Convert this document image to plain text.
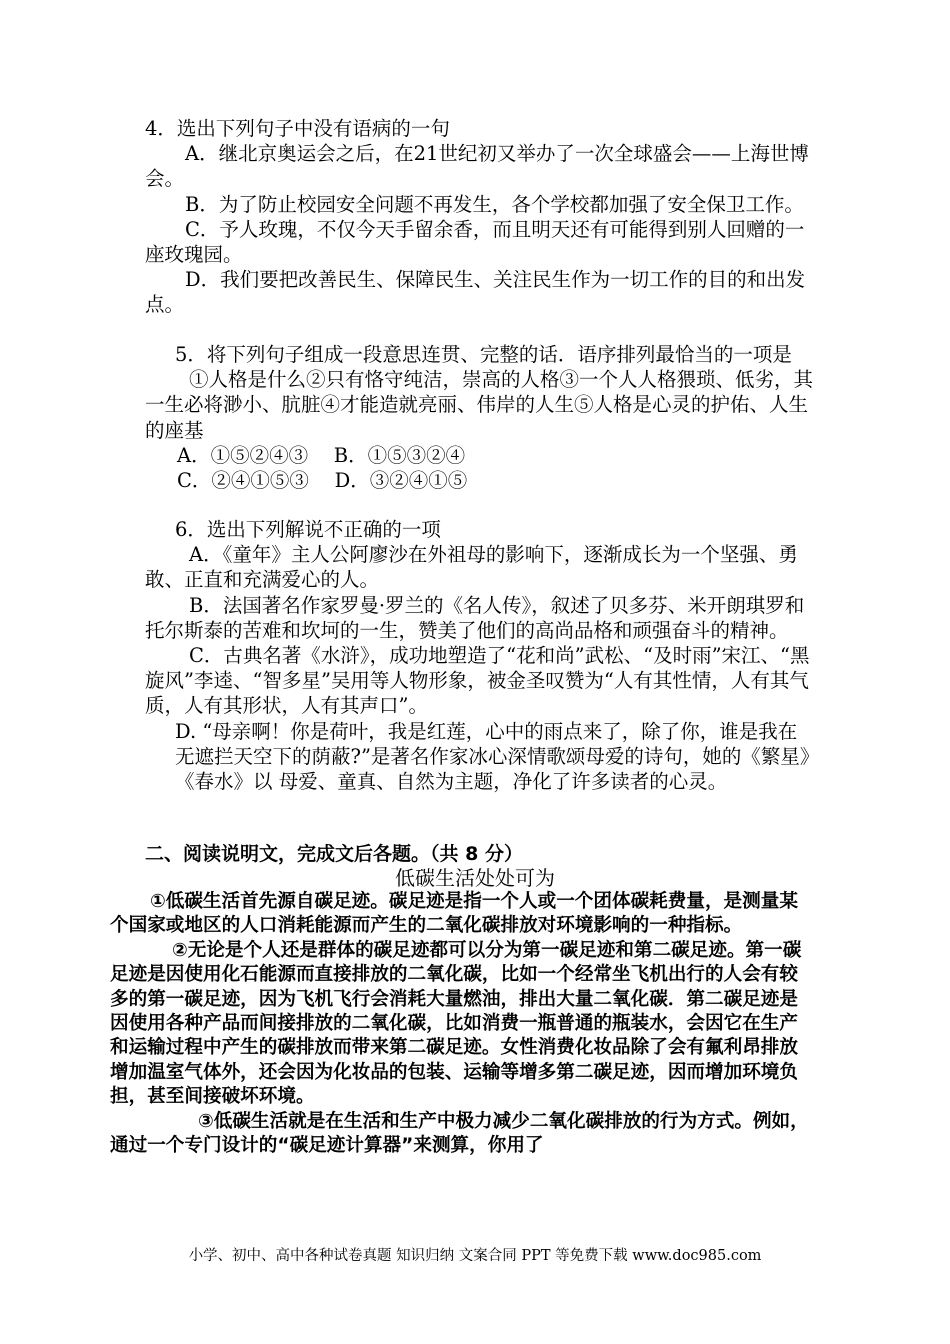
4．选出下列句子中没有语病的一句

A．继北京奥运会之后，在21世纪初又举办了一次全球盛会——上海世博会。

B．为了防止校园安全问题不再发生，各个学校都加强了安全保卫工作。

C．予人玫瑰，不仅今天手留余香，而且明天还有可能得到别人回赠的一座玫瑰园。

D．我们要把改善民生、保障民生、关注民生作为一切工作的目的和出发点。

5．将下列句子组成一段意思连贯、完整的话．语序排列最恰当的一项是

①人格是什么②只有恪守纯洁，崇高的人格③一个人人格猥琐、低劣，其一生必将渺小、肮脏④才能造就亮丽、伟岸的人生⑤人格是心灵的护佑、人生的座基

A．①⑤②④③　 B．①⑤③②④

C．②④①⑤③　 D．③②④①⑤

6．选出下列解说不正确的一项

A．《童年》主人公阿廖沙在外祖母的影响下，逐渐成长为一个坚强、勇敢、正直和充满爱心的人。

B．法国著名作家罗曼·罗兰的《名人传》，叙述了贝多芬、米开朗琪罗和托尔斯泰的苦难和坎坷的一生，赞美了他们的高尚品格和顽强奋斗的精神。

C．古典名著《水浒》，成功地塑造了“花和尚”武松、“及时雨”宋江、“黑旋风”李逵、“智多星”吴用等人物形象，被金圣叹赞为“人有其性情，人有其气质，人有其形状，人有其声口”。

D. “母亲啊！你是荷叶，我是红莲，心中的雨点来了，除了你，谁是我在无遮拦天空下的荫蔽?”是著名作家冰心深情歌颂母爱的诗句，她的《繁星》《春水》以 母爱、童真、自然为主题，净化了许多读者的心灵。

二、阅读说明文，完成文后各题。（共 8 分）
低碳生活处处可为

①低碳生活首先源自碳足迹。碳足迹是指一个人或一个团体碳耗费量，是测量某个国家或地区的人口消耗能源而产生的二氧化碳排放对环境影响的一种指标。

②无论是个人还是群体的碳足迹都可以分为第一碳足迹和第二碳足迹。第一碳足迹是因使用化石能源而直接排放的二氧化碳，比如一个经常坐飞机出行的人会有较多的第一碳足迹，因为飞机飞行会消耗大量燃油，排出大量二氧化碳．第二碳足迹是因使用各种产品而间接排放的二氧化碳，比如消费一瓶普通的瓶装水，会因它在生产和运输过程中产生的碳排放而带来第二碳足迹。女性消费化妆品除了会有氟利昂排放增加温室气体外，还会因为化妆品的包装、运输等增多第二碳足迹，因而增加环境负担，甚至间接破坏环境。

③低碳生活就是在生活和生产中极力减少二氧化碳排放的行为方式。例如，通过一个专门设计的“碳足迹计算器”来测算，你用了

小学、初中、高中各种试卷真题 知识归纳 文案合同 PPT 等免费下载 www.doc985.com
